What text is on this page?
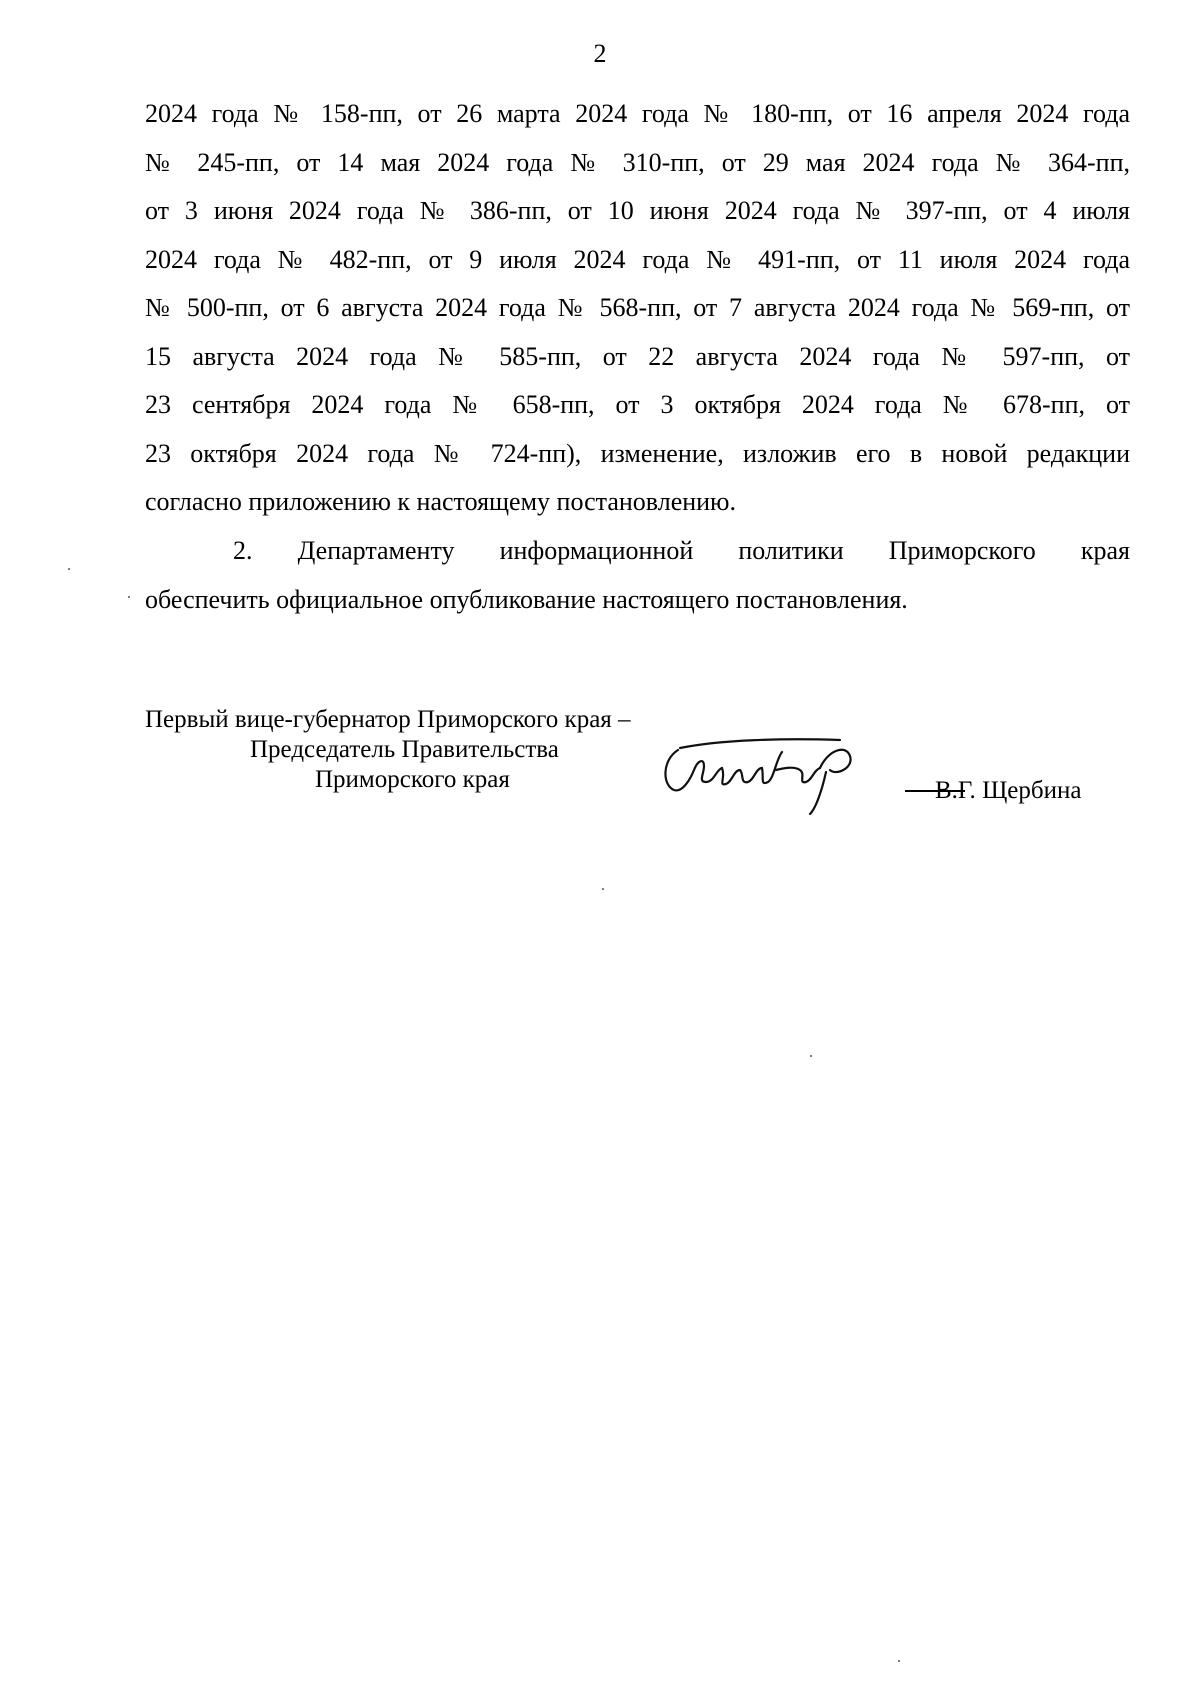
2
2024 года № 158-пп, от 26 марта 2024 года № 180-пп, от 16 апреля 2024 года
№ 245-пп, от 14 мая 2024 года № 310-пп, от 29 мая 2024 года № 364-пп,
от 3 июня 2024 года № 386-пп, от 10 июня 2024 года № 397-пп, от 4 июля
2024 года № 482-пп, от 9 июля 2024 года № 491-пп, от 11 июля 2024 года
№ 500-пп, от 6 августа 2024 года № 568-пп, от 7 августа 2024 года № 569-пп, от
15 августа 2024 года № 585-пп, от 22 августа 2024 года № 597-пп, от
23 сентября 2024 года № 658-пп, от 3 октября 2024 года № 678-пп, от
23 октября 2024 года № 724-пп), изменение, изложив его в новой редакции
согласно приложению к настоящему постановлению.
2. Департаменту информационной политики Приморского края
обеспечить официальное опубликование настоящего постановления.
Первый вице-губернатор Приморского края –
Председатель Правительства
Приморского края	В.Г. Щербина
